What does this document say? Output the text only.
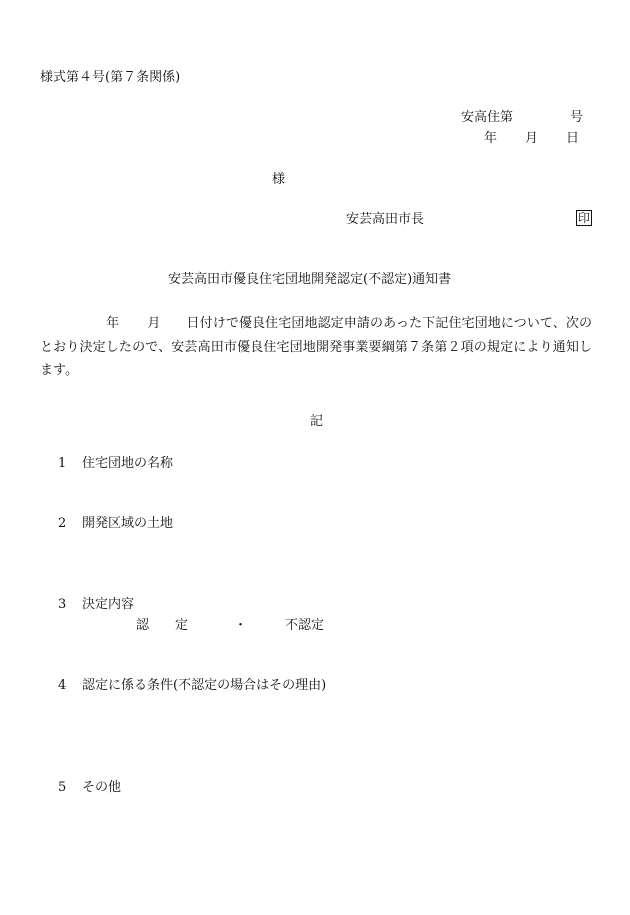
様式第４号(第７条関係)
安高住第	号
年 月 日
様
安芸高田市長	印
安芸高田市優良住宅団地開発認定(不認定)通知書
年 月 日付けで優良住宅団地認定申請のあった下記住宅団地について、次のとおり決定したので、安芸高田市優良住宅団地開発事業要綱第７条第２項の規定により通知します。
記
1 住宅団地の名称
2 開発区域の土地
3 決定内容
認　　定	・	不認定
4 認定に係る条件(不認定の場合はその理由)
5 その他
